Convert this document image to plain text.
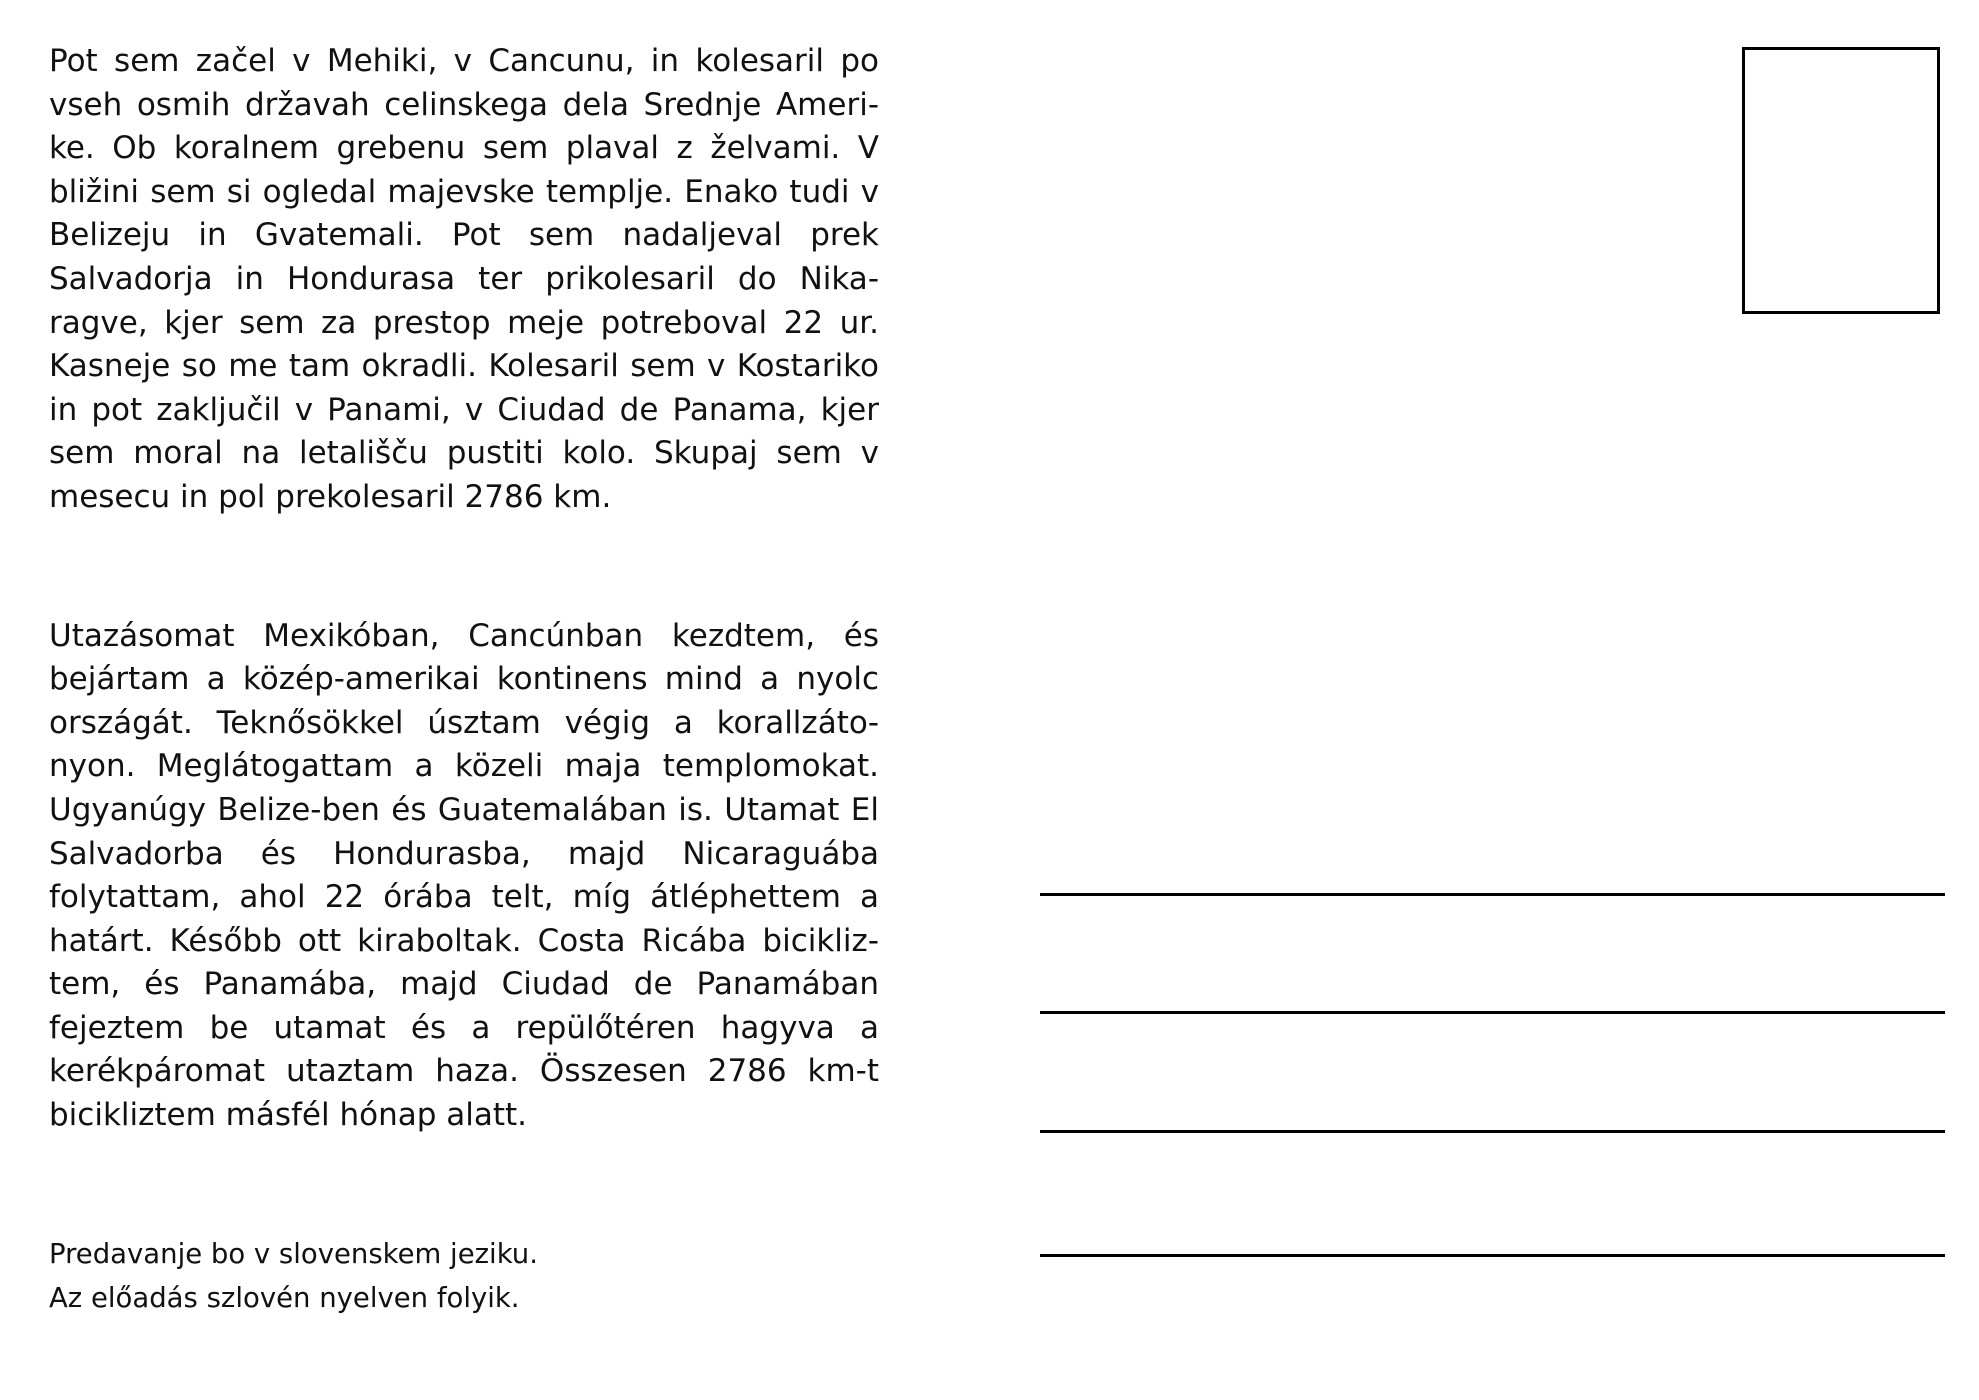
Pot sem začel v Mehiki, v Cancunu, in kolesaril po vseh osmih državah celinskega dela Srednje Amerike. Ob koralnem grebenu sem plaval z želvami. V bližini sem si ogledal majevske templje. Enako tudi v Belizeju in Gvatemali. Pot sem nadaljeval prek Salvadorja in Hondurasa ter prikolesaril do Nikaragve, kjer sem za prestop meje potreboval 22 ur. Kasneje so me tam okradli. Kolesaril sem v Kostariko in pot zaključil v Panami, v Ciudad de Panama, kjer sem moral na letališču pustiti kolo. Skupaj sem v mesecu in pol prekolesaril 2786 km.

Utazásomat Mexikóban, Cancúnban kezdtem, és bejártam a közép-amerikai kontinens mind a nyolc országát. Teknősökkel úsztam végig a korallzátonyon. Meglátogattam a közeli maja templomokat. Ugyanúgy Belize-ben és Guatemalában is. Utamat El Salvadorba és Hondurasba, majd Nicaraguába folytattam, ahol 22 órába telt, míg átléphettem a határt. Később ott kiraboltak. Costa Ricába bicikliztem, és Panamába, majd Ciudad de Panamában fejeztem be utamat és a repülőtéren hagyva a kerékpáromat utaztam haza. Összesen 2786 km-t bicikliztem másfél hónap alatt.

Predavanje bo v slovenskem jeziku.
Az előadás szlovén nyelven folyik.
